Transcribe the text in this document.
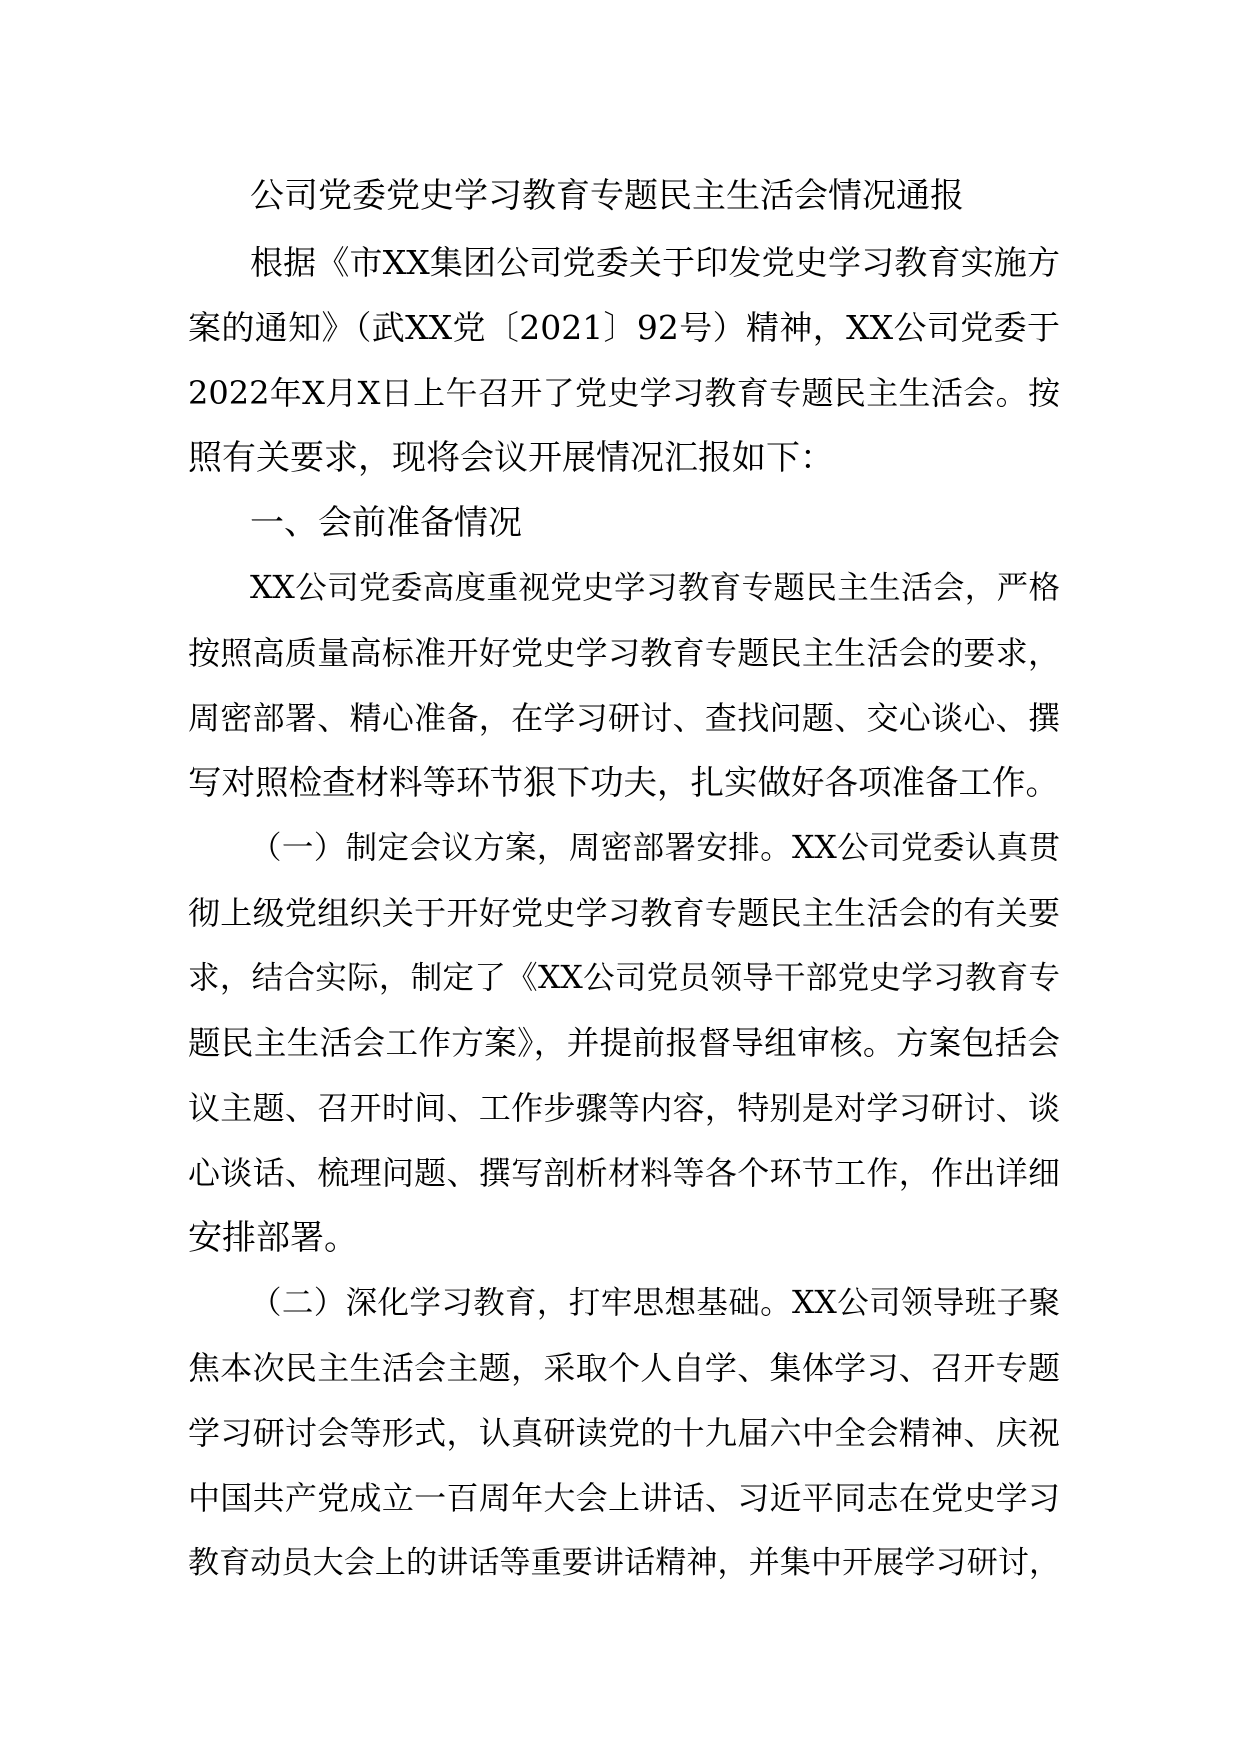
公司党委党史学习教育专题民主生活会情况通报
根据《市XX集团公司党委关于印发党史学习教育实施方
案的通知》（武XX党〔2021〕92号）精神，XX公司党委于
2022年X月X日上午召开了党史学习教育专题民主生活会。按
照有关要求，现将会议开展情况汇报如下：
一、会前准备情况
XX公司党委高度重视党史学习教育专题民主生活会，严格
按照高质量高标准开好党史学习教育专题民主生活会的要求，
周密部署、精心准备，在学习研讨、查找问题、交心谈心、撰
写对照检查材料等环节狠下功夫，扎实做好各项准备工作。
（一）制定会议方案，周密部署安排。XX公司党委认真贯
彻上级党组织关于开好党史学习教育专题民主生活会的有关要
求，结合实际，制定了《XX公司党员领导干部党史学习教育专
题民主生活会工作方案》，并提前报督导组审核。方案包括会
议主题、召开时间、工作步骤等内容，特别是对学习研讨、谈
心谈话、梳理问题、撰写剖析材料等各个环节工作，作出详细
安排部署。
（二）深化学习教育，打牢思想基础。XX公司领导班子聚
焦本次民主生活会主题，采取个人自学、集体学习、召开专题
学习研讨会等形式，认真研读党的十九届六中全会精神、庆祝
中国共产党成立一百周年大会上讲话、习近平同志在党史学习
教育动员大会上的讲话等重要讲话精神，并集中开展学习研讨，
